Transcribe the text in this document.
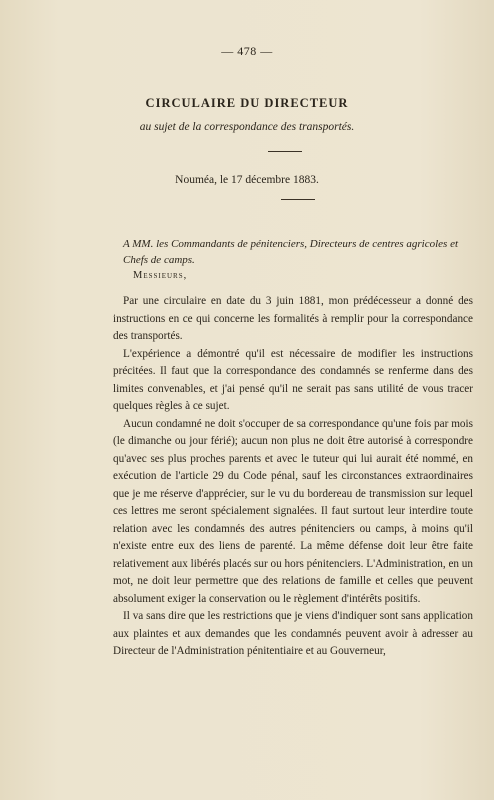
— 478 —
CIRCULAIRE DU DIRECTEUR
au sujet de la correspondance des transportés.
Nouméa, le 17 décembre 1883.
A MM. les Commandants de pénitenciers, Directeurs de centres agricoles et Chefs de camps.
Messieurs,

Par une circulaire en date du 3 juin 1881, mon prédécesseur a donné des instructions en ce qui concerne les formalités à remplir pour la correspondance des transportés.

L'expérience a démontré qu'il est nécessaire de modifier les instructions précitées. Il faut que la correspondance des condamnés se renferme dans des limites convenables, et j'ai pensé qu'il ne serait pas sans utilité de vous tracer quelques règles à ce sujet.

Aucun condamné ne doit s'occuper de sa correspondance qu'une fois par mois (le dimanche ou jour férié); aucun non plus ne doit être autorisé à correspondre qu'avec ses plus proches parents et avec le tuteur qui lui aurait été nommé, en exécution de l'article 29 du Code pénal, sauf les circonstances extraordinaires que je me réserve d'apprécier, sur le vu du bordereau de transmission sur lequel ces lettres me seront spécialement signalées. Il faut surtout leur interdire toute relation avec les condamnés des autres pénitenciers ou camps, à moins qu'il n'existe entre eux des liens de parenté. La même défense doit leur être faite relativement aux libérés placés sur ou hors pénitenciers. L'Administration, en un mot, ne doit leur permettre que des relations de famille et celles que peuvent absolument exiger la conservation ou le règlement d'intérêts positifs.

Il va sans dire que les restrictions que je viens d'indiquer sont sans application aux plaintes et aux demandes que les condamnés peuvent avoir à adresser au Directeur de l'Administration pénitentiaire et au Gouverneur,
